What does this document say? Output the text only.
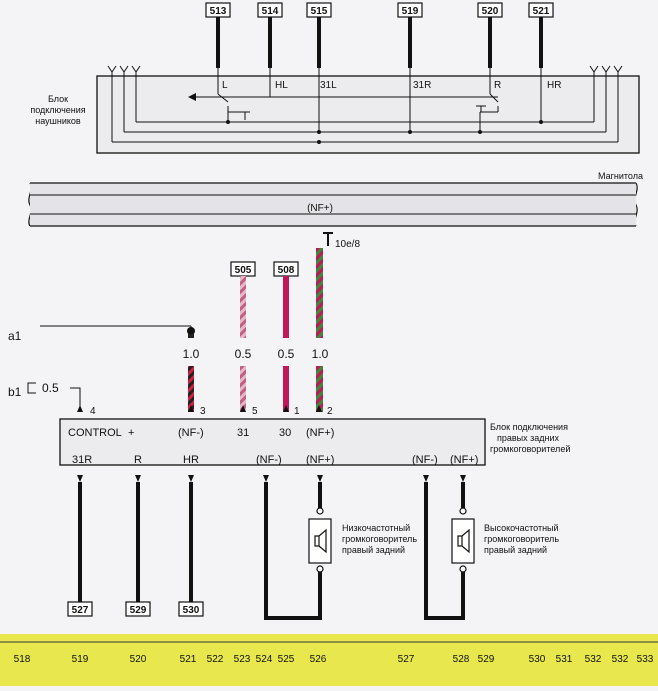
513	514	515	519	520	521
Блок
подключения
наушников
L	HL	31L	31R	R	HR
Магнитола
(NF+)
10e/8
505
0.5
508
0.5 1.0
1.0
a1
b1 0.5
4	3	5	1	2
CONTROL +	(NF-)	31	30 (NF+)
31R	R	HR	(NF-) (NF+)	(NF-) (NF+)
Блок подключения
правых задних
громкоговорителей
527	529	530
Низкочастотный
громкоговоритель
правый задний
Высокочастотный
громкоговоритель
правый задний
518	519	520	521 522 523 524 525 526	527	528 529	530 531 532 532 533
